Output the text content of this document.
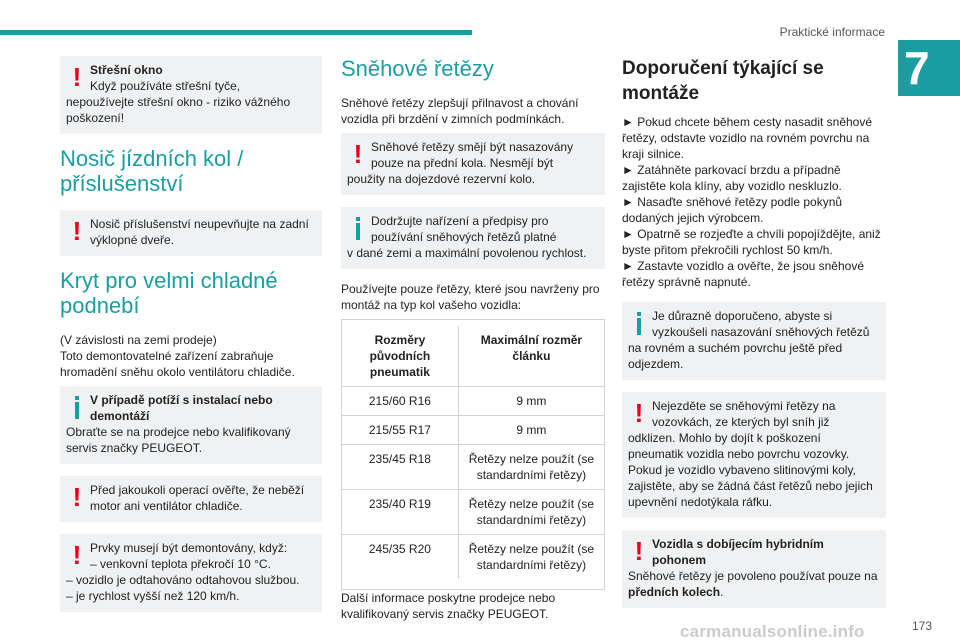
Praktické informace
7
! Střešní okno
Když používáte střešní tyče,
nepoužívejte střešní okno - riziko vážného poškození!
Nosič jízdních kol / příslušenství
! Nosič příslušenství neupevňujte na zadní
výklopné dveře.
Kryt pro velmi chladné podnebí

(V závislosti na zemi prodeje)
Toto demontovatelné zařízení zabraňuje hromadění sněhu okolo ventilátoru chladiče.

V případě potíží s instalací nebo demontáží
Obraťte se na prodejce nebo kvalifikovaný servis značky PEUGEOT.
! Před jakoukoli operací ověřte, že neběží motor ani ventilátor chladiče.
! Prvky musejí být demontovány, když:
– venkovní teplota překročí 10 °C.
– vozidlo je odtahováno odtahovou službou.
– je rychlost vyšší než 120 km/h.
Sněhové řetězy

Sněhové řetězy zlepšují přilnavost a chování vozidla při brzdění v zimních podmínkách.

! Sněhové řetězy smějí být nasazovány
pouze na přední kola. Nesmějí být
použity na dojezdové rezervní kolo.
Dodržujte nařízení a předpisy pro
používání sněhových řetězů platné
v dané zemi a maximální povolenou rychlost.

Používejte pouze řetězy, které jsou navrženy pro montáž na typ kol vašeho vozidla:

Rozměry původních pneumatik	Maximální rozměr článku
215/60 R16	9 mm
215/55 R17	9 mm
235/45 R18	Řetězy nelze použít (se standardními řetězy)
235/40 R19	Řetězy nelze použít (se standardními řetězy)
245/35 R20	Řetězy nelze použít (se standardními řetězy)

Další informace poskytne prodejce nebo kvalifikovaný servis značky PEUGEOT.

Doporučení týkající se montáže

► Pokud chcete během cesty nasadit sněhové řetězy, odstavte vozidlo na rovném povrchu na kraji silnice.

► Zatáhněte parkovací brzdu a případně zajistěte kola klíny, aby vozidlo neskluzlo.

► Nasaďte sněhové řetězy podle pokynů dodaných jejich výrobcem.

► Opatrně se rozjeďte a chvíli popojíždějte, aniž byste přitom překročili rychlost 50 km/h.

► Zastavte vozidlo a ověřte, že jsou sněhové řetězy správně napnuté.

Je důrazně doporučeno, abyste si
vyzkoušeli nasazování sněhových řetězů
na rovném a suchém povrchu ještě před odjezdem.
! Nejezděte se sněhovými řetězy na
vozovkách, ze kterých byl sníh již
odklizen. Mohlo by dojít k poškození pneumatik vozidla nebo povrchu vozovky. Pokud je vozidlo vybaveno slitinovými koly, zajistěte, aby se žádná část řetězů nebo jejich upevnění nedotýkala ráfku.
! Vozidla s dobíjecím hybridním pohonem
Sněhové řetězy je povoleno používat pouze na předních kolech.
carmanualsonline.info	173
